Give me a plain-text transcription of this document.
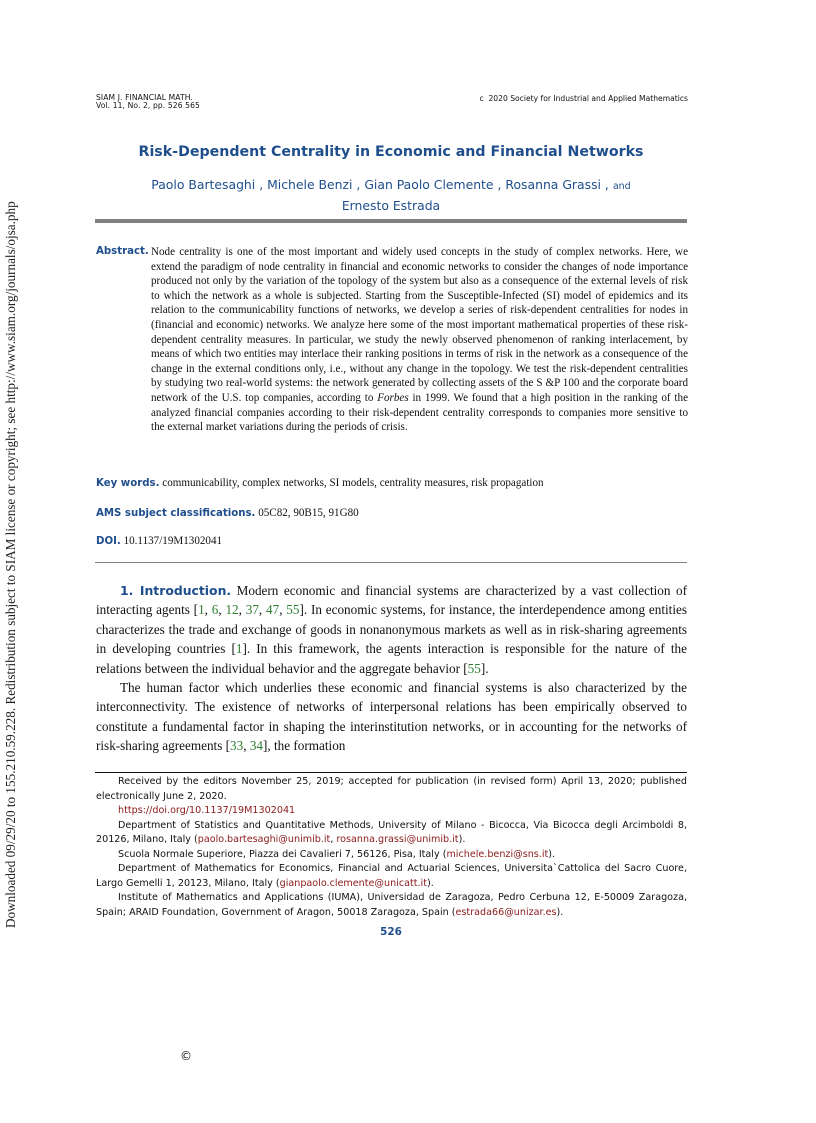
Downloaded 09/29/20 to 155.210.59.228. Redistribution subject to SIAM license or copyright; see http://www.siam.org/journals/ojsa.php
SIAM J. FINANCIAL MATH.
Vol. 11, No. 2, pp. 526 565
c 2020 Society for Industrial and Applied Mathematics
Risk-Dependent Centrality in Economic and Financial Networks
Paolo Bartesaghi , Michele Benzi , Gian Paolo Clemente , Rosanna Grassi , and
Ernesto Estrada
Abstract. Node centrality is one of the most important and widely used concepts in the study of complex networks. Here, we extend the paradigm of node centrality in financial and economic networks to consider the changes of node importance produced not only by the variation of the topology of the system but also as a consequence of the external levels of risk to which the network as a whole is subjected. Starting from the Susceptible-Infected (SI) model of epidemics and its relation to the communicability functions of networks, we develop a series of risk-dependent centralities for nodes in (financial and economic) networks. We analyze here some of the most important mathematical properties of these risk-dependent centrality measures. In particular, we study the newly observed phenomenon of ranking interlacement, by means of which two entities may interlace their ranking positions in terms of risk in the network as a consequence of the change in the external conditions only, i.e., without any change in the topology. We test the risk-dependent centralities by studying two real-world systems: the network generated by collecting assets of the S &P 100 and the corporate board network of the U.S. top companies, according to Forbes in 1999. We found that a high position in the ranking of the analyzed financial companies according to their risk-dependent centrality corresponds to companies more sensitive to the external market variations during the periods of crisis.
Key words. communicability, complex networks, SI models, centrality measures, risk propagation
AMS subject classifications. 05C82, 90B15, 91G80
DOI. 10.1137/19M1302041

1. Introduction. Modern economic and financial systems are characterized by a vast collection of interacting agents [1, 6, 12, 37, 47, 55]. In economic systems, for instance, the interdependence among entities characterizes the trade and exchange of goods in nonanonymous markets as well as in risk-sharing agreements in developing countries [1]. In this framework, the agents interaction is responsible for the nature of the relations between the individual behavior and the aggregate behavior [55].

The human factor which underlies these economic and financial systems is also characterized by the interconnectivity. The existence of networks of interpersonal relations has been empirically observed to constitute a fundamental factor in shaping the interinstitution networks, or in accounting for the networks of risk-sharing agreements [33, 34], the formation

Received by the editors November 25, 2019; accepted for publication (in revised form) April 13, 2020; published electronically June 2, 2020.

https://doi.org/10.1137/19M1302041

Department of Statistics and Quantitative Methods, University of Milano - Bicocca, Via Bicocca degli Arcimboldi 8, 20126, Milano, Italy (paolo.bartesaghi@unimib.it, rosanna.grassi@unimib.it).

Scuola Normale Superiore, Piazza dei Cavalieri 7, 56126, Pisa, Italy (michele.benzi@sns.it).

Department of Mathematics for Economics, Financial and Actuarial Sciences, Universita`Cattolica del Sacro Cuore, Largo Gemelli 1, 20123, Milano, Italy (gianpaolo.clemente@unicatt.it).

Institute of Mathematics and Applications (IUMA), Universidad de Zaragoza, Pedro Cerbuna 12, E-50009 Zaragoza, Spain; ARAID Foundation, Government of Aragon, 50018 Zaragoza, Spain (estrada66@unizar.es).

526
©
